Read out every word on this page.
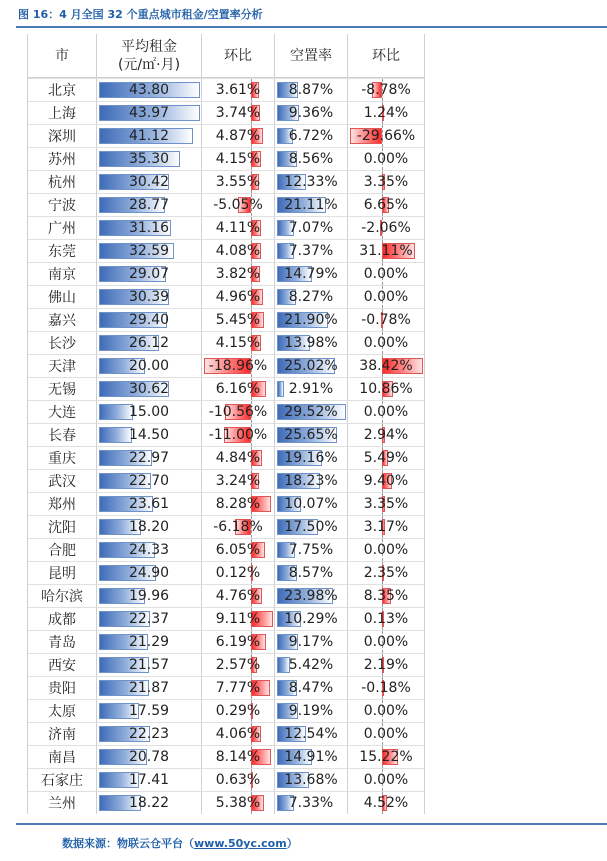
图 16：4 月全国 32 个重点城市租金/空置率分析
市
平均租金
(元/㎡·月)
环比	空置率	环比
北京	43.80	3.61% 8.87% -8.78%
上海	43.97	3.74% 9.36% 1.24%
深圳	41.12	4.87% 6.72% -29.66%
苏州	35.30	4.15% 8.56% 0.00%
杭州	30.42	3.55% 12.33% 3.35%
宁波	28.77	-5.05% 21.11% 6.65%
广州	31.16	4.11% 7.07% -2.06%
东莞	32.59	4.08% 7.37% 31.11%
南京	29.07	3.82% 14.79% 0.00%
佛山	30.39	4.96% 8.27% 0.00%
嘉兴	29.40	5.45% 21.90% -0.78%
长沙	26.12	4.15% 13.98% 0.00%
天津	20.00	-18.96% 25.02% 38.42%
无锡	30.62	6.16% 2.91% 10.86%
大连	15.00	-10.56% 29.52% 0.00%
长春	14.50	-11.00% 25.65% 2.94%
重庆	22.97	4.84% 19.16% 5.49%
武汉	22.70	3.24% 18.23% 9.40%
郑州	23.61	8.28% 10.07% 3.35%
沈阳	18.20	-6.18% 17.50% 3.17%
合肥	24.33	6.05% 7.75% 0.00%
昆明	24.90	0.12% 8.57% 2.35%
哈尔滨	19.96	4.76% 23.98% 8.35%
成都	22.37	9.11% 10.29% 0.13%
青岛	21.29	6.19% 9.17% 0.00%
西安	21.57	2.57% 5.42% 2.19%
贵阳	21.87	7.77% 8.47% -0.18%
太原	17.59	0.29% 9.19% 0.00%
济南	22.23	4.06% 12.54% 0.00%
南昌	20.78	8.14% 14.91% 15.22%
石家庄	17.41	0.63% 13.68% 0.00%
兰州	18.22	5.38% 7.33% 4.52%
数据来源：物联云仓平台（www.50yc.com）
